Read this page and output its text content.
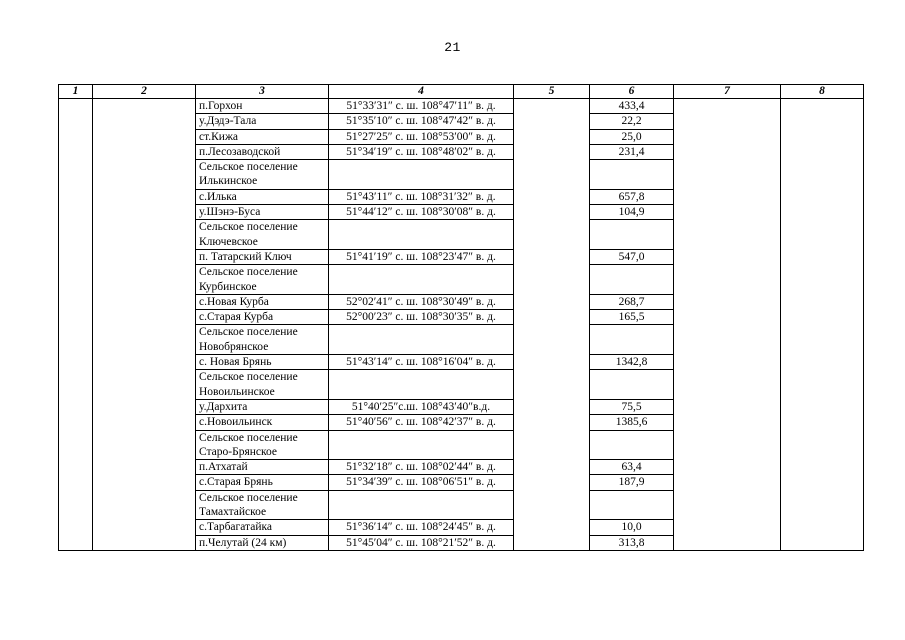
21
1	2	3	4	5	6	7	8
		п.Горхон	51°33′31″ с. ш. 108°47′11″ в. д.		433,4		
		у.Дэдэ-Тала	51°35′10″ с. ш. 108°47′42″ в. д.		22,2		
		ст.Кижа	51°27′25″ с. ш. 108°53′00″ в. д.		25,0		
		п.Лесозаводской	51°34′19″ с. ш. 108°48′02″ в. д.		231,4		
		Сельское поселение Илькинское					
		с.Илька	51°43′11″ с. ш. 108°31′32″ в. д.		657,8		
		у.Шэнэ-Буса	51°44′12″ с. ш. 108°30′08″ в. д.		104,9		
		Сельское поселение Ключевское					
		п. Татарский Ключ	51°41′19″ с. ш. 108°23′47″ в. д.		547,0		
		Сельское поселение Курбинское					
		с.Новая Курба	52°02′41″ с. ш. 108°30′49″ в. д.		268,7		
		с.Старая Курба	52°00′23″ с. ш. 108°30′35″ в. д.		165,5		
		Сельское поселение Новобрянское					
		с. Новая Брянь	51°43′14″ с. ш. 108°16′04″ в. д.		1342,8		
		Сельское поселение Новоильинское					
		у.Дархита	51°40′25″с.ш. 108°43′40″в.д.		75,5		
		с.Новоильинск	51°40′56″ с. ш. 108°42′37″ в. д.		1385,6		
		Сельское поселение Старо-Брянское					
		п.Атхатай	51°32′18″ с. ш. 108°02′44″ в. д.		63,4		
		с.Старая Брянь	51°34′39″ с. ш. 108°06′51″ в. д.		187,9		
		Сельское поселение Тамахтайское					
		с.Тарбагатайка	51°36′14″ с. ш. 108°24′45″ в. д.		10,0		
		п.Челутай (24 км)	51°45′04″ с. ш. 108°21′52″ в. д.		313,8		
